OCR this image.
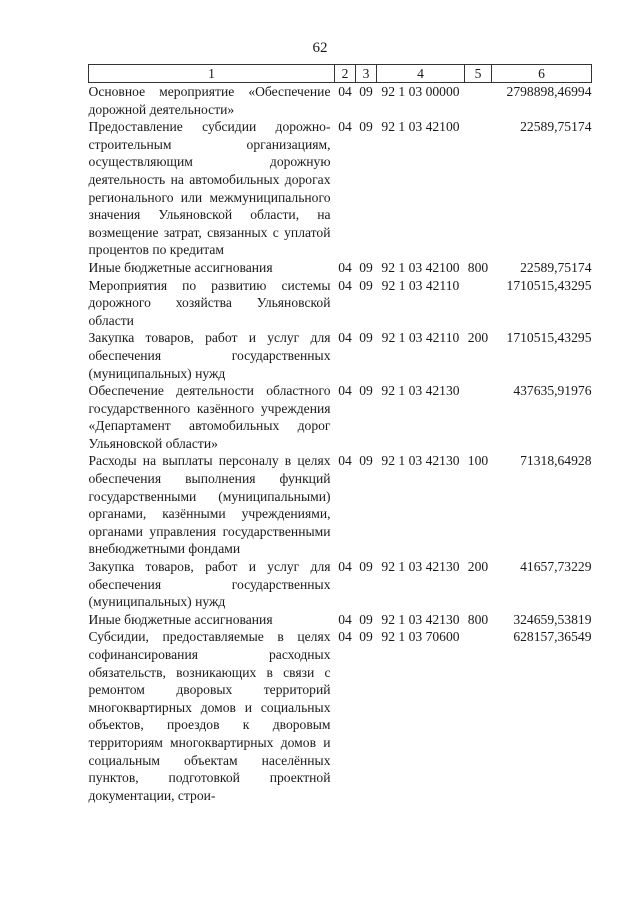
62
1	2	3	4	5	6
Основное мероприятие «Обеспечение дорожной деятельности»	04	09	92 1 03 00000		2798898,46994
Предоставление субсидии дорожно-строительным организациям, осуществляющим дорожную деятельность на автомобильных дорогах регионального или межмуниципального значения Ульяновской области, на возмещение затрат, связанных с уплатой процентов по кредитам	04	09	92 1 03 42100		22589,75174
Иные бюджетные ассигнования	04	09	92 1 03 42100	800	22589,75174
Мероприятия по развитию системы дорожного хозяйства Ульяновской области	04	09	92 1 03 42110		1710515,43295
Закупка товаров, работ и услуг для обеспечения государственных (муниципальных) нужд	04	09	92 1 03 42110	200	1710515,43295
Обеспечение деятельности областного государственного казённого учреждения «Департамент автомобильных дорог Ульяновской области»	04	09	92 1 03 42130		437635,91976
Расходы на выплаты персоналу в целях обеспечения выполнения функций государственными (муниципальными) органами, казёнными учреждениями, органами управления государственными внебюджетными фондами	04	09	92 1 03 42130	100	71318,64928
Закупка товаров, работ и услуг для обеспечения государственных (муниципальных) нужд	04	09	92 1 03 42130	200	41657,73229
Иные бюджетные ассигнования	04	09	92 1 03 42130	800	324659,53819
Субсидии, предоставляемые в целях софинансирования расходных обязательств, возникающих в связи с ремонтом дворовых территорий многоквартирных домов и социальных объектов, проездов к дворовым территориям многоквартирных домов и социальным объектам населённых пунктов, подготовкой проектной документации, строи-	04	09	92 1 03 70600		628157,36549
